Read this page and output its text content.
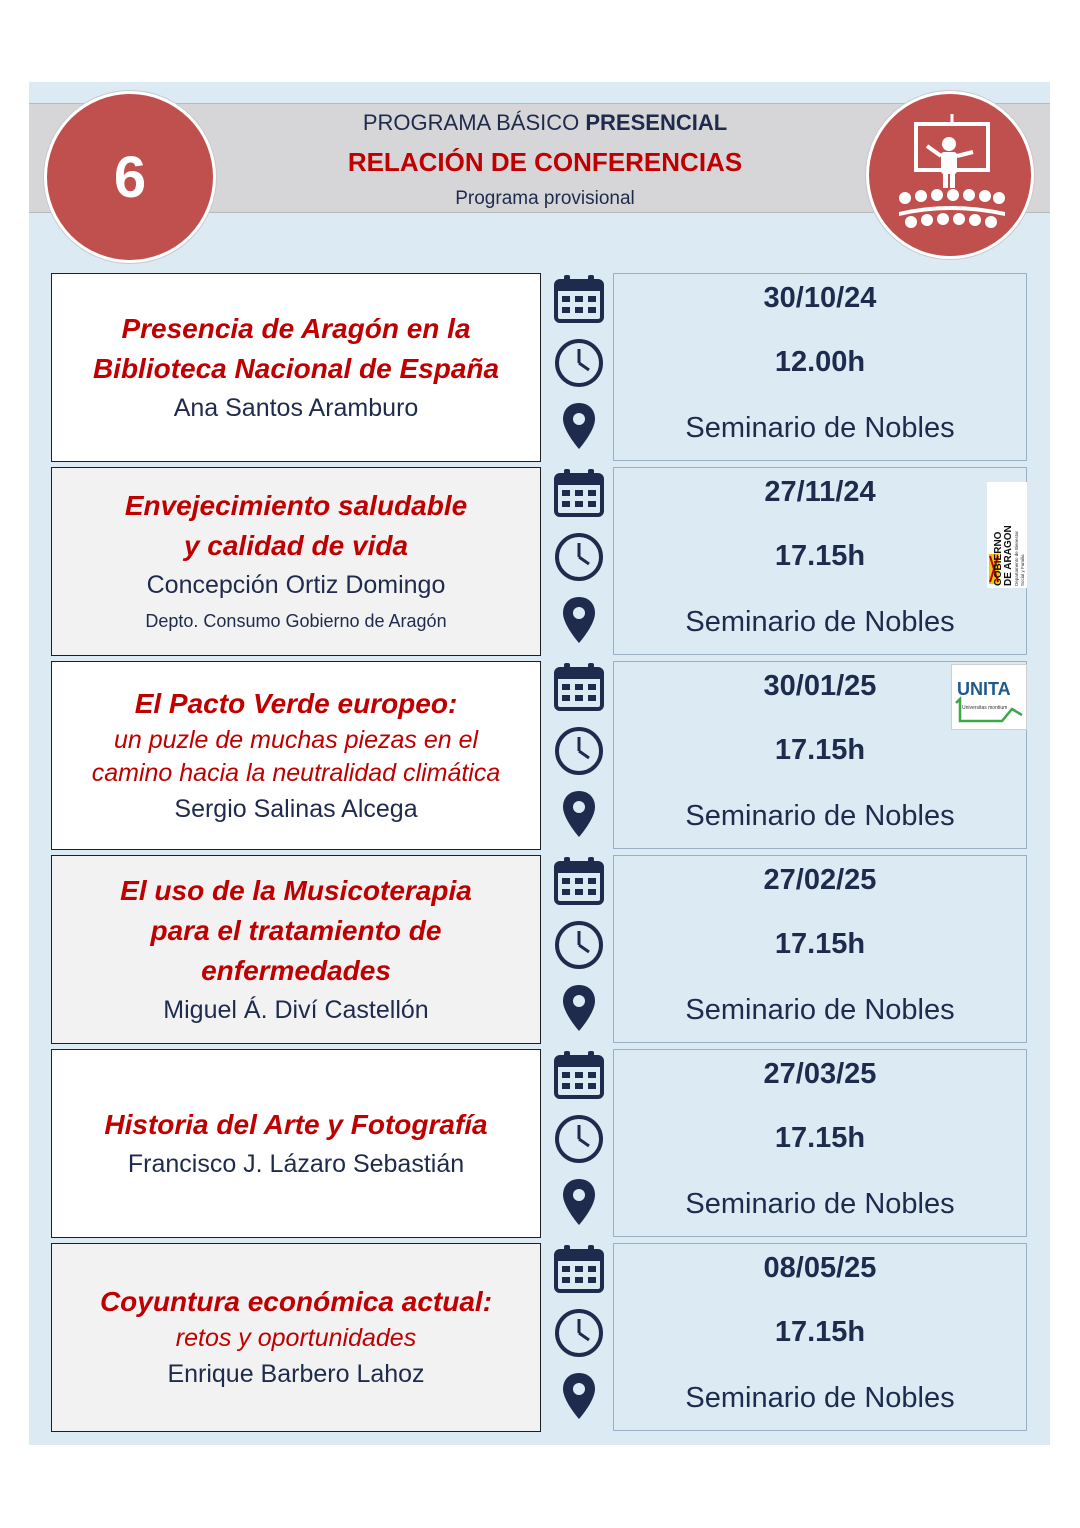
6
PROGRAMA BÁSICO PRESENCIAL
RELACIÓN DE CONFERENCIAS
Programa provisional
Presencia de Aragón en la
Biblioteca Nacional de España
Ana Santos Aramburo
30/10/24
12.00h
Seminario de Nobles
Envejecimiento saludable
y calidad de vida
Concepción Ortiz Domingo
Depto. Consumo Gobierno de Aragón
27/11/24
17.15h
Seminario de Nobles
El Pacto Verde europeo:
un puzle de muchas piezas en el
camino hacia la neutralidad climática
Sergio Salinas Alcega
30/01/25
17.15h
Seminario de Nobles
El uso de la Musicoterapia
para el tratamiento de
enfermedades
Miguel Á. Diví Castellón
27/02/25
17.15h
Seminario de Nobles
Historia del Arte y Fotografía
Francisco J. Lázaro Sebastián
27/03/25
17.15h
Seminario de Nobles
Coyuntura económica actual:
retos y oportunidades
Enrique Barbero Lahoz
08/05/25
17.15h
Seminario de Nobles
GOBIERNO DE ARAGON Departamento de Bienestar Social y Familia
UNITA
Universitas montium
